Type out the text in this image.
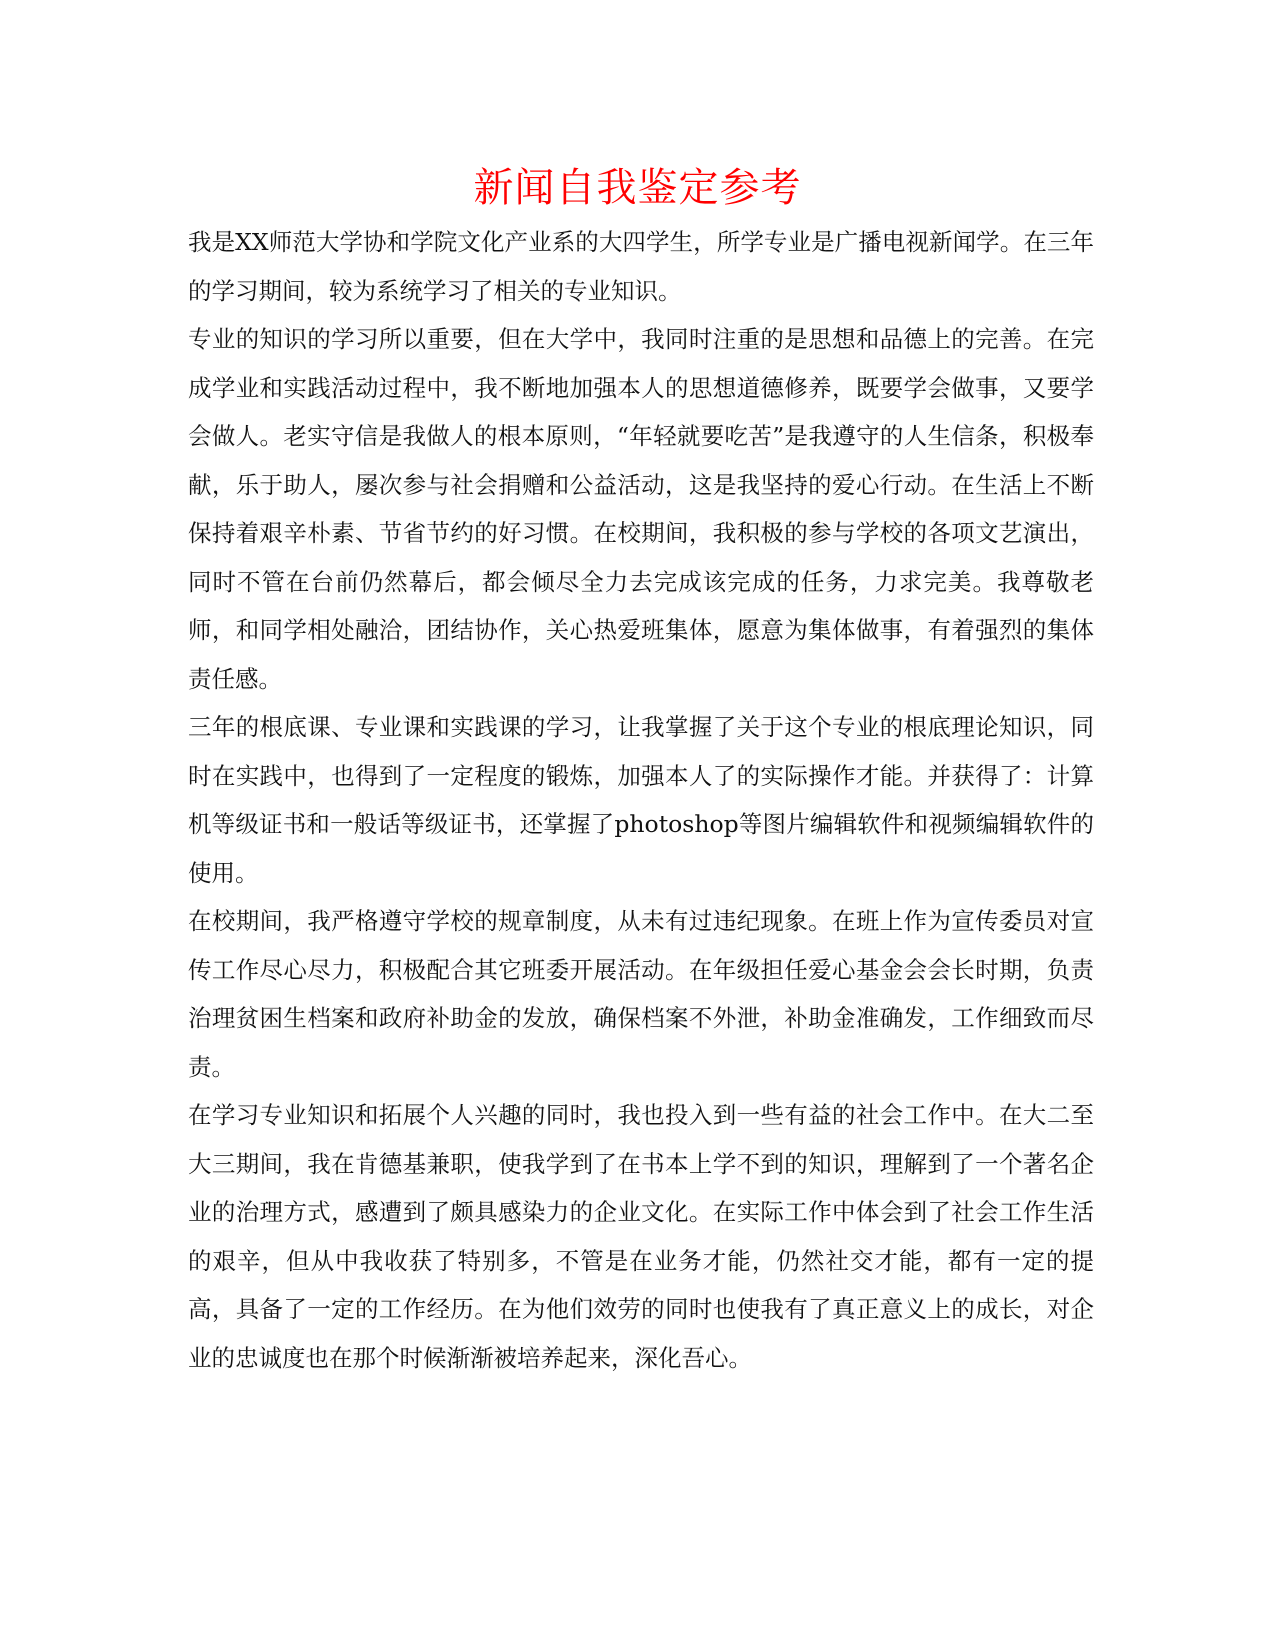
新闻自我鉴定参考

我是XX师范大学协和学院文化产业系的大四学生，所学专业是广播电视新闻学。在三年的学习期间，较为系统学习了相关的专业知识。

专业的知识的学习所以重要，但在大学中，我同时注重的是思想和品德上的完善。在完成学业和实践活动过程中，我不断地加强本人的思想道德修养，既要学会做事，又要学会做人。老实守信是我做人的根本原则，“年轻就要吃苦”是我遵守的人生信条，积极奉献，乐于助人，屡次参与社会捐赠和公益活动，这是我坚持的爱心行动。在生活上不断保持着艰辛朴素、节省节约的好习惯。在校期间，我积极的参与学校的各项文艺演出，同时不管在台前仍然幕后，都会倾尽全力去完成该完成的任务，力求完美。我尊敬老师，和同学相处融洽，团结协作，关心热爱班集体，愿意为集体做事，有着强烈的集体责任感。

三年的根底课、专业课和实践课的学习，让我掌握了关于这个专业的根底理论知识，同时在实践中，也得到了一定程度的锻炼，加强本人了的实际操作才能。并获得了：计算机等级证书和一般话等级证书，还掌握了photoshop等图片编辑软件和视频编辑软件的使用。

在校期间，我严格遵守学校的规章制度，从未有过违纪现象。在班上作为宣传委员对宣传工作尽心尽力，积极配合其它班委开展活动。在年级担任爱心基金会会长时期，负责治理贫困生档案和政府补助金的发放，确保档案不外泄，补助金准确发，工作细致而尽责。

在学习专业知识和拓展个人兴趣的同时，我也投入到一些有益的社会工作中。在大二至大三期间，我在肯德基兼职，使我学到了在书本上学不到的知识，理解到了一个著名企业的治理方式，感遭到了颇具感染力的企业文化。在实际工作中体会到了社会工作生活的艰辛，但从中我收获了特别多，不管是在业务才能，仍然社交才能，都有一定的提高，具备了一定的工作经历。在为他们效劳的同时也使我有了真正意义上的成长，对企业的忠诚度也在那个时候渐渐被培养起来，深化吾心。
